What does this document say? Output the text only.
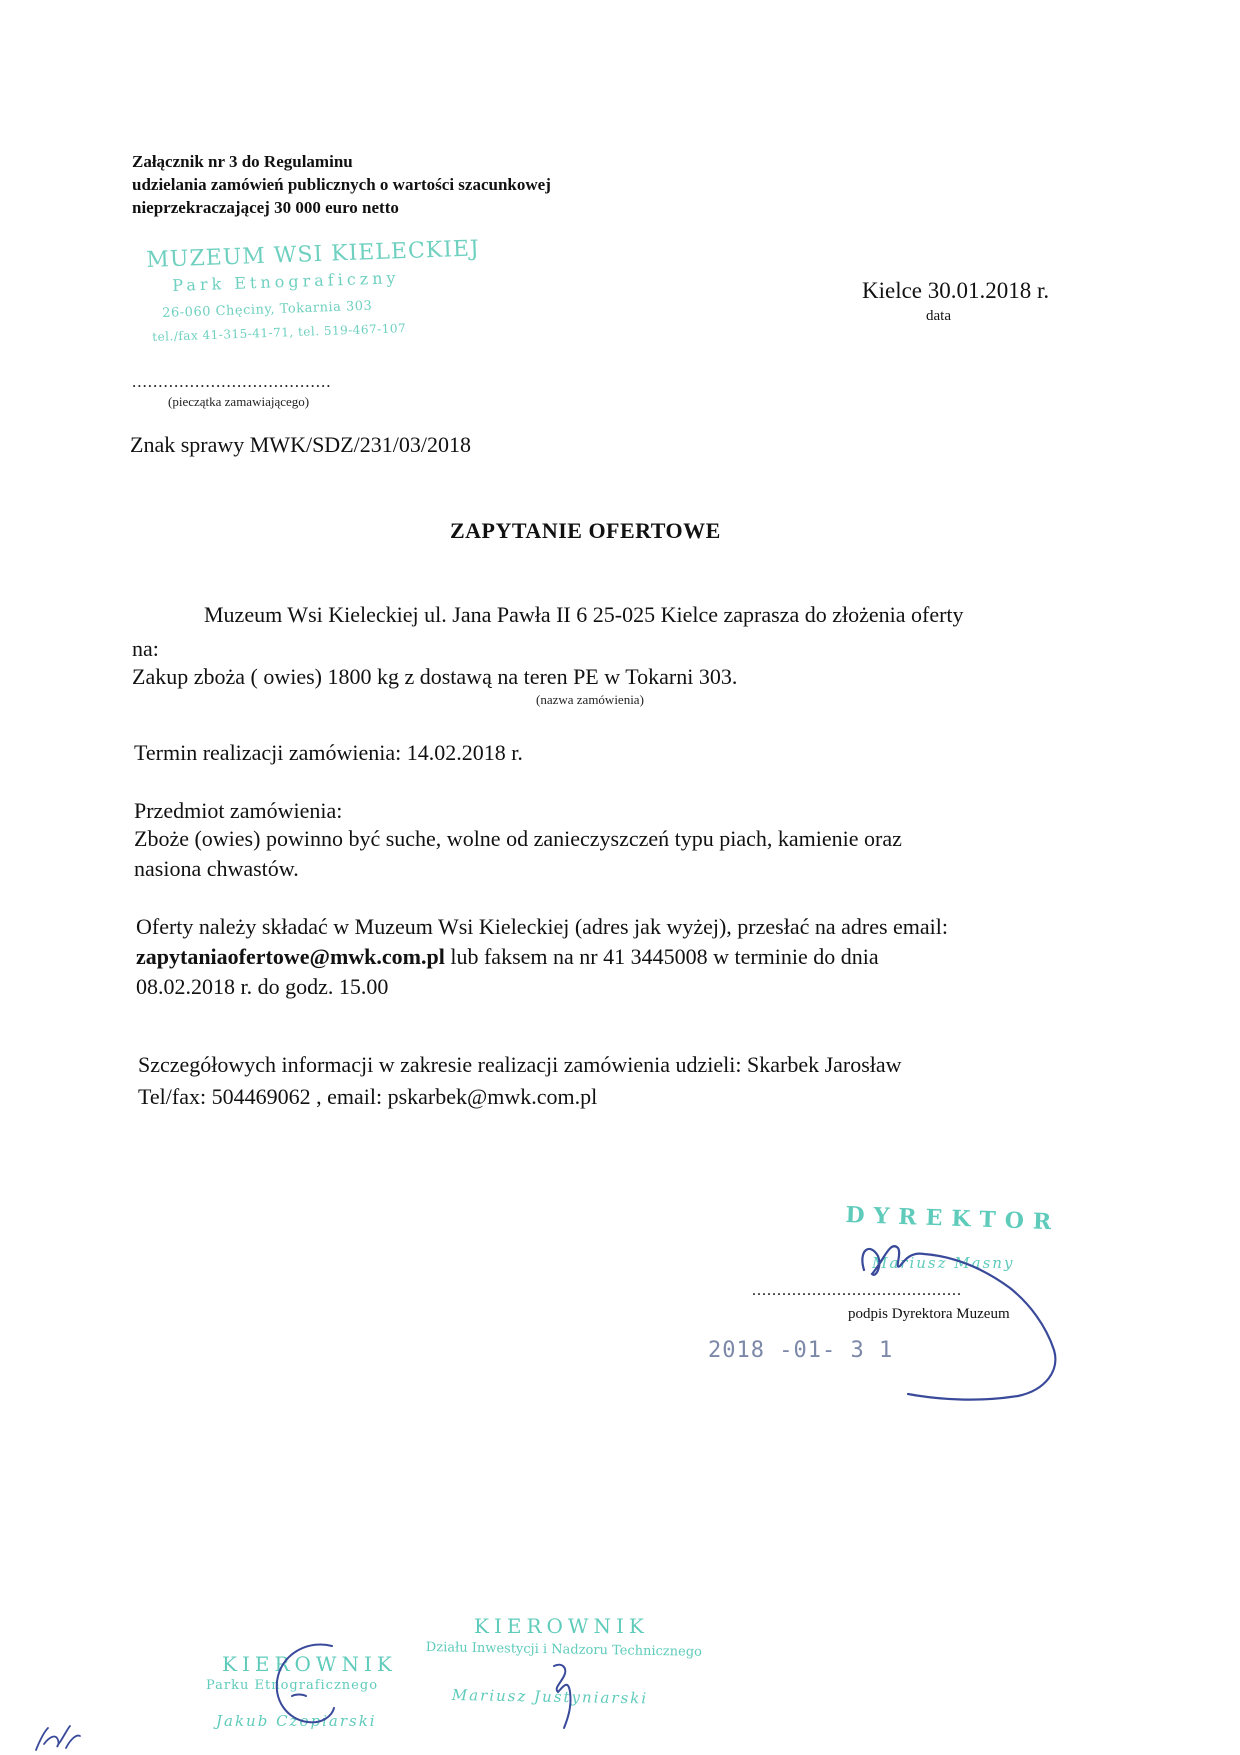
Załącznik nr 3 do Regulaminu
udzielania zamówień publicznych o wartości szacunkowej
nieprzekraczającej 30 000 euro netto
MUZEUM WSI KIELECKIEJ
Park Etnograficzny
26-060 Chęciny, Tokarnia 303
tel./fax 41-315-41-71, tel. 519-467-107
......................................
(pieczątka zamawiającego)
Kielce 30.01.2018 r.
data
Znak sprawy MWK/SDZ/231/03/2018
ZAPYTANIE OFERTOWE
Muzeum Wsi Kieleckiej ul. Jana Pawła II 6 25-025 Kielce zaprasza do złożenia oferty
na:
Zakup zboża ( owies) 1800 kg z dostawą na teren PE w Tokarni 303.
(nazwa zamówienia)
Termin realizacji zamówienia: 14.02.2018 r.
Przedmiot zamówienia:
Zboże (owies) powinno być suche, wolne od zanieczyszczeń typu piach, kamienie oraz
nasiona chwastów.
Oferty należy składać w Muzeum Wsi Kieleckiej (adres jak wyżej), przesłać na adres email:
zapytaniaofertowe@mwk.com.pl lub faksem na nr 41 3445008 w terminie do dnia
08.02.2018 r. do godz. 15.00
Szczegółowych informacji w zakresie realizacji zamówienia udzieli: Skarbek Jarosław
Tel/fax: 504469062 , email: pskarbek@mwk.com.pl
DYREKTOR
Mariusz Masny
..........................................
podpis Dyrektora Muzeum
2018 -01- 3 1
KIEROWNIK
Parku Etnograficznego
Jakub Czopiarski
KIEROWNIK
Działu Inwestycji i Nadzoru Technicznego
Mariusz Justyniarski
